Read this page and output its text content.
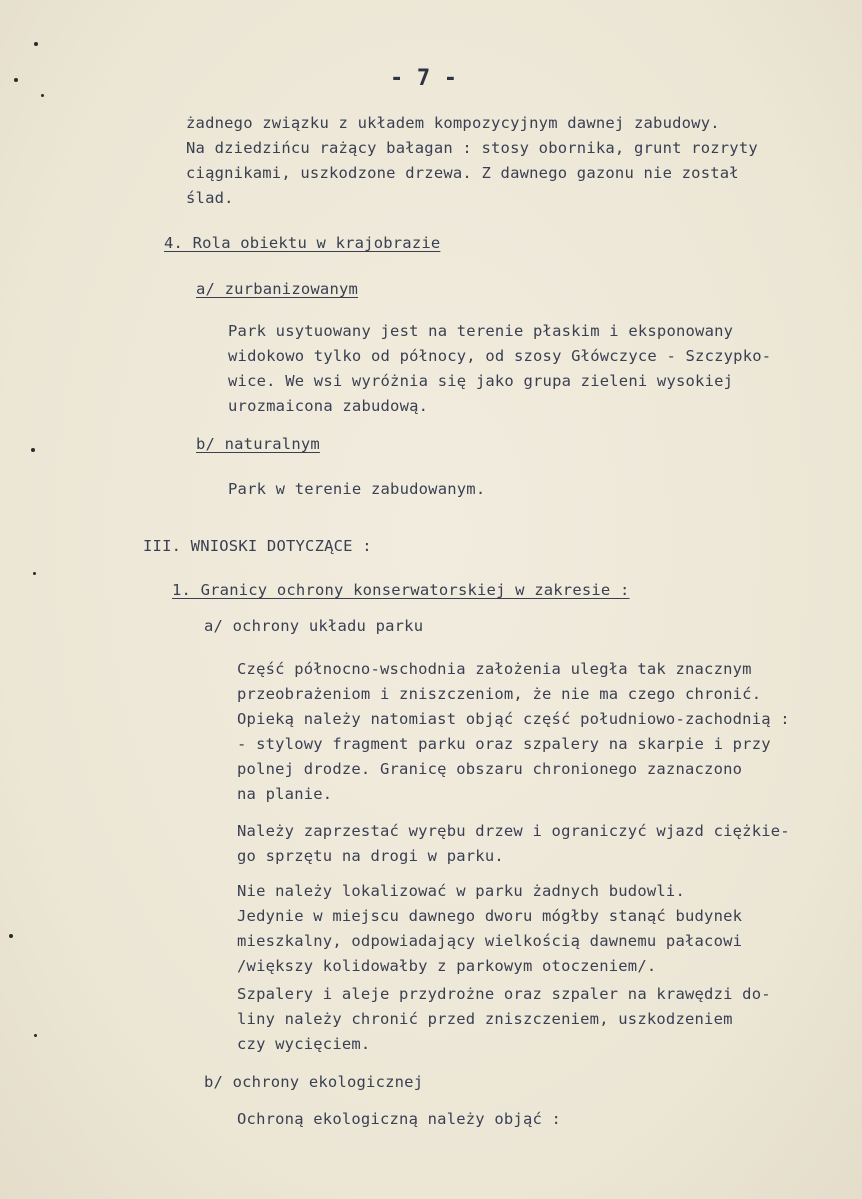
- 7 -
żadnego związku z układem kompozycyjnym dawnej zabudowy.
Na dziedzińcu rażący bałagan : stosy obornika, grunt rozryty
ciągnikami, uszkodzone drzewa. Z dawnego gazonu nie został
ślad.
4. Rola obiektu w krajobrazie
a/ zurbanizowanym
Park usytuowany jest na terenie płaskim i eksponowany
widokowo tylko od północy, od szosy Główczyce - Szczypko-
wice. We wsi wyróżnia się jako grupa zieleni wysokiej
urozmaicona zabudową.
b/ naturalnym
Park w terenie zabudowanym.
III. WNIOSKI DOTYCZĄCE :
1. Granicy ochrony konserwatorskiej w zakresie :
a/ ochrony układu parku
Część północno-wschodnia założenia uległa tak znacznym
przeobrażeniom i zniszczeniom, że nie ma czego chronić.
Opieką należy natomiast objąć część południowo-zachodnią :
- stylowy fragment parku oraz szpalery na skarpie i przy
polnej drodze. Granicę obszaru chronionego zaznaczono
na planie.
Należy zaprzestać wyrębu drzew i ograniczyć wjazd ciężkie-
go sprzętu na drogi w parku.
Nie należy lokalizować w parku żadnych budowli.
Jedynie w miejscu dawnego dworu mógłby stanąć budynek
mieszkalny, odpowiadający wielkością dawnemu pałacowi
/większy kolidowałby z parkowym otoczeniem/.
Szpalery i aleje przydrożne oraz szpaler na krawędzi do-
liny należy chronić przed zniszczeniem, uszkodzeniem
czy wycięciem.
b/ ochrony ekologicznej
Ochroną ekologiczną należy objąć :
